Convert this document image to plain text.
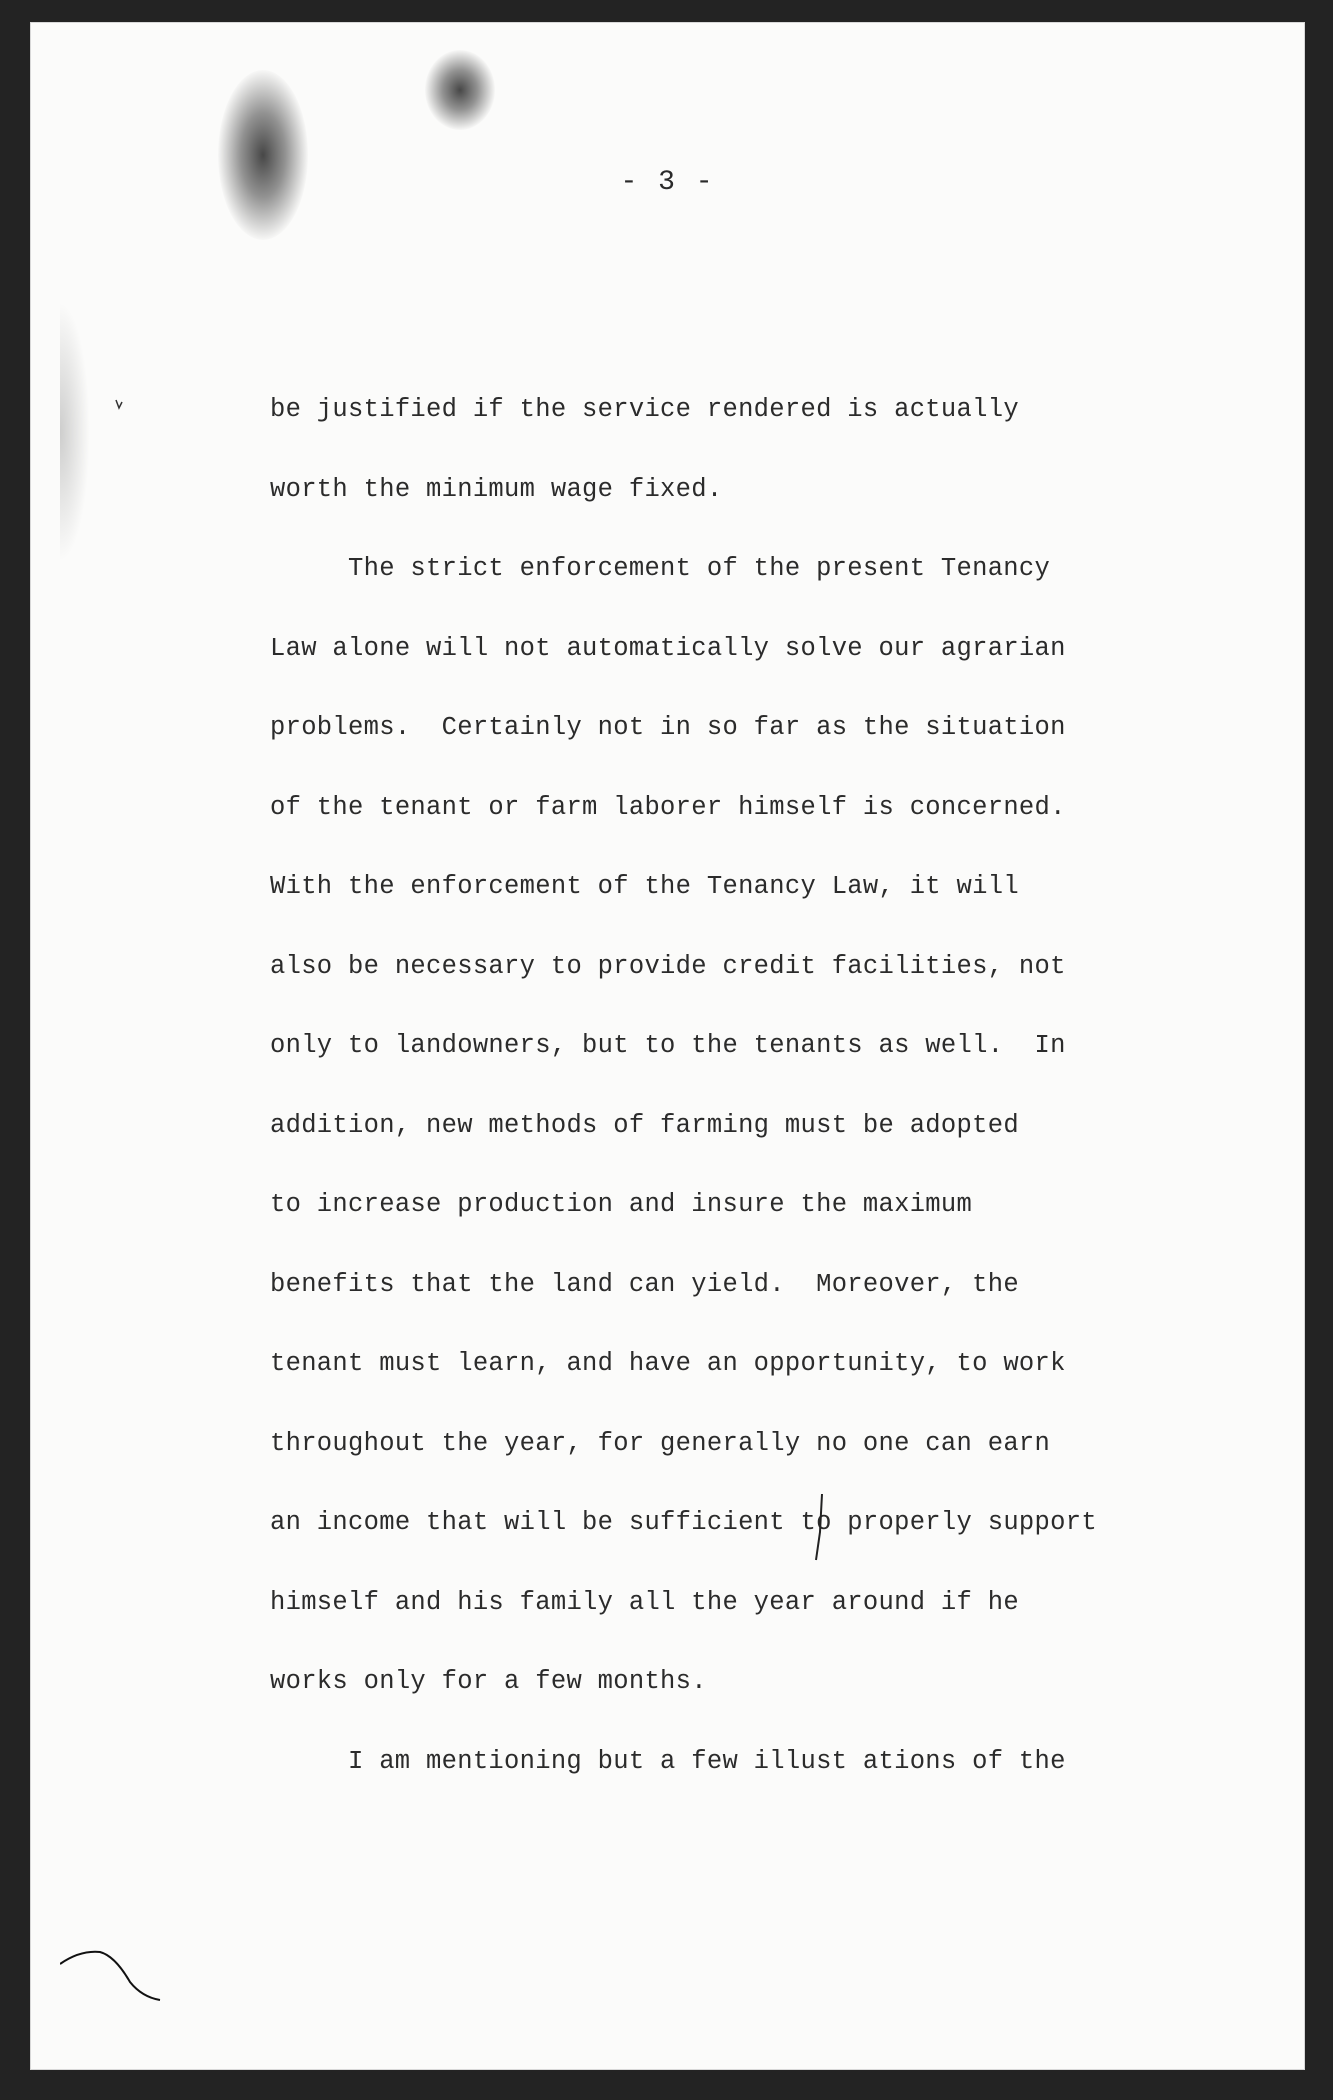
- 3 -
be justified if the service rendered is actually
worth the minimum wage fixed.
The strict enforcement of the present Tenancy
Law alone will not automatically solve our agrarian
problems.  Certainly not in so far as the situation
of the tenant or farm laborer himself is concerned.
With the enforcement of the Tenancy Law, it will
also be necessary to provide credit facilities, not
only to landowners, but to the tenants as well.  In
addition, new methods of farming must be adopted
to increase production and insure the maximum
benefits that the land can yield.  Moreover, the
tenant must learn, and have an opportunity, to work
throughout the year, for generally no one can earn
an income that will be sufficient to properly support
himself and his family all the year around if he
works only for a few months.
I am mentioning but a few illust ations of the
